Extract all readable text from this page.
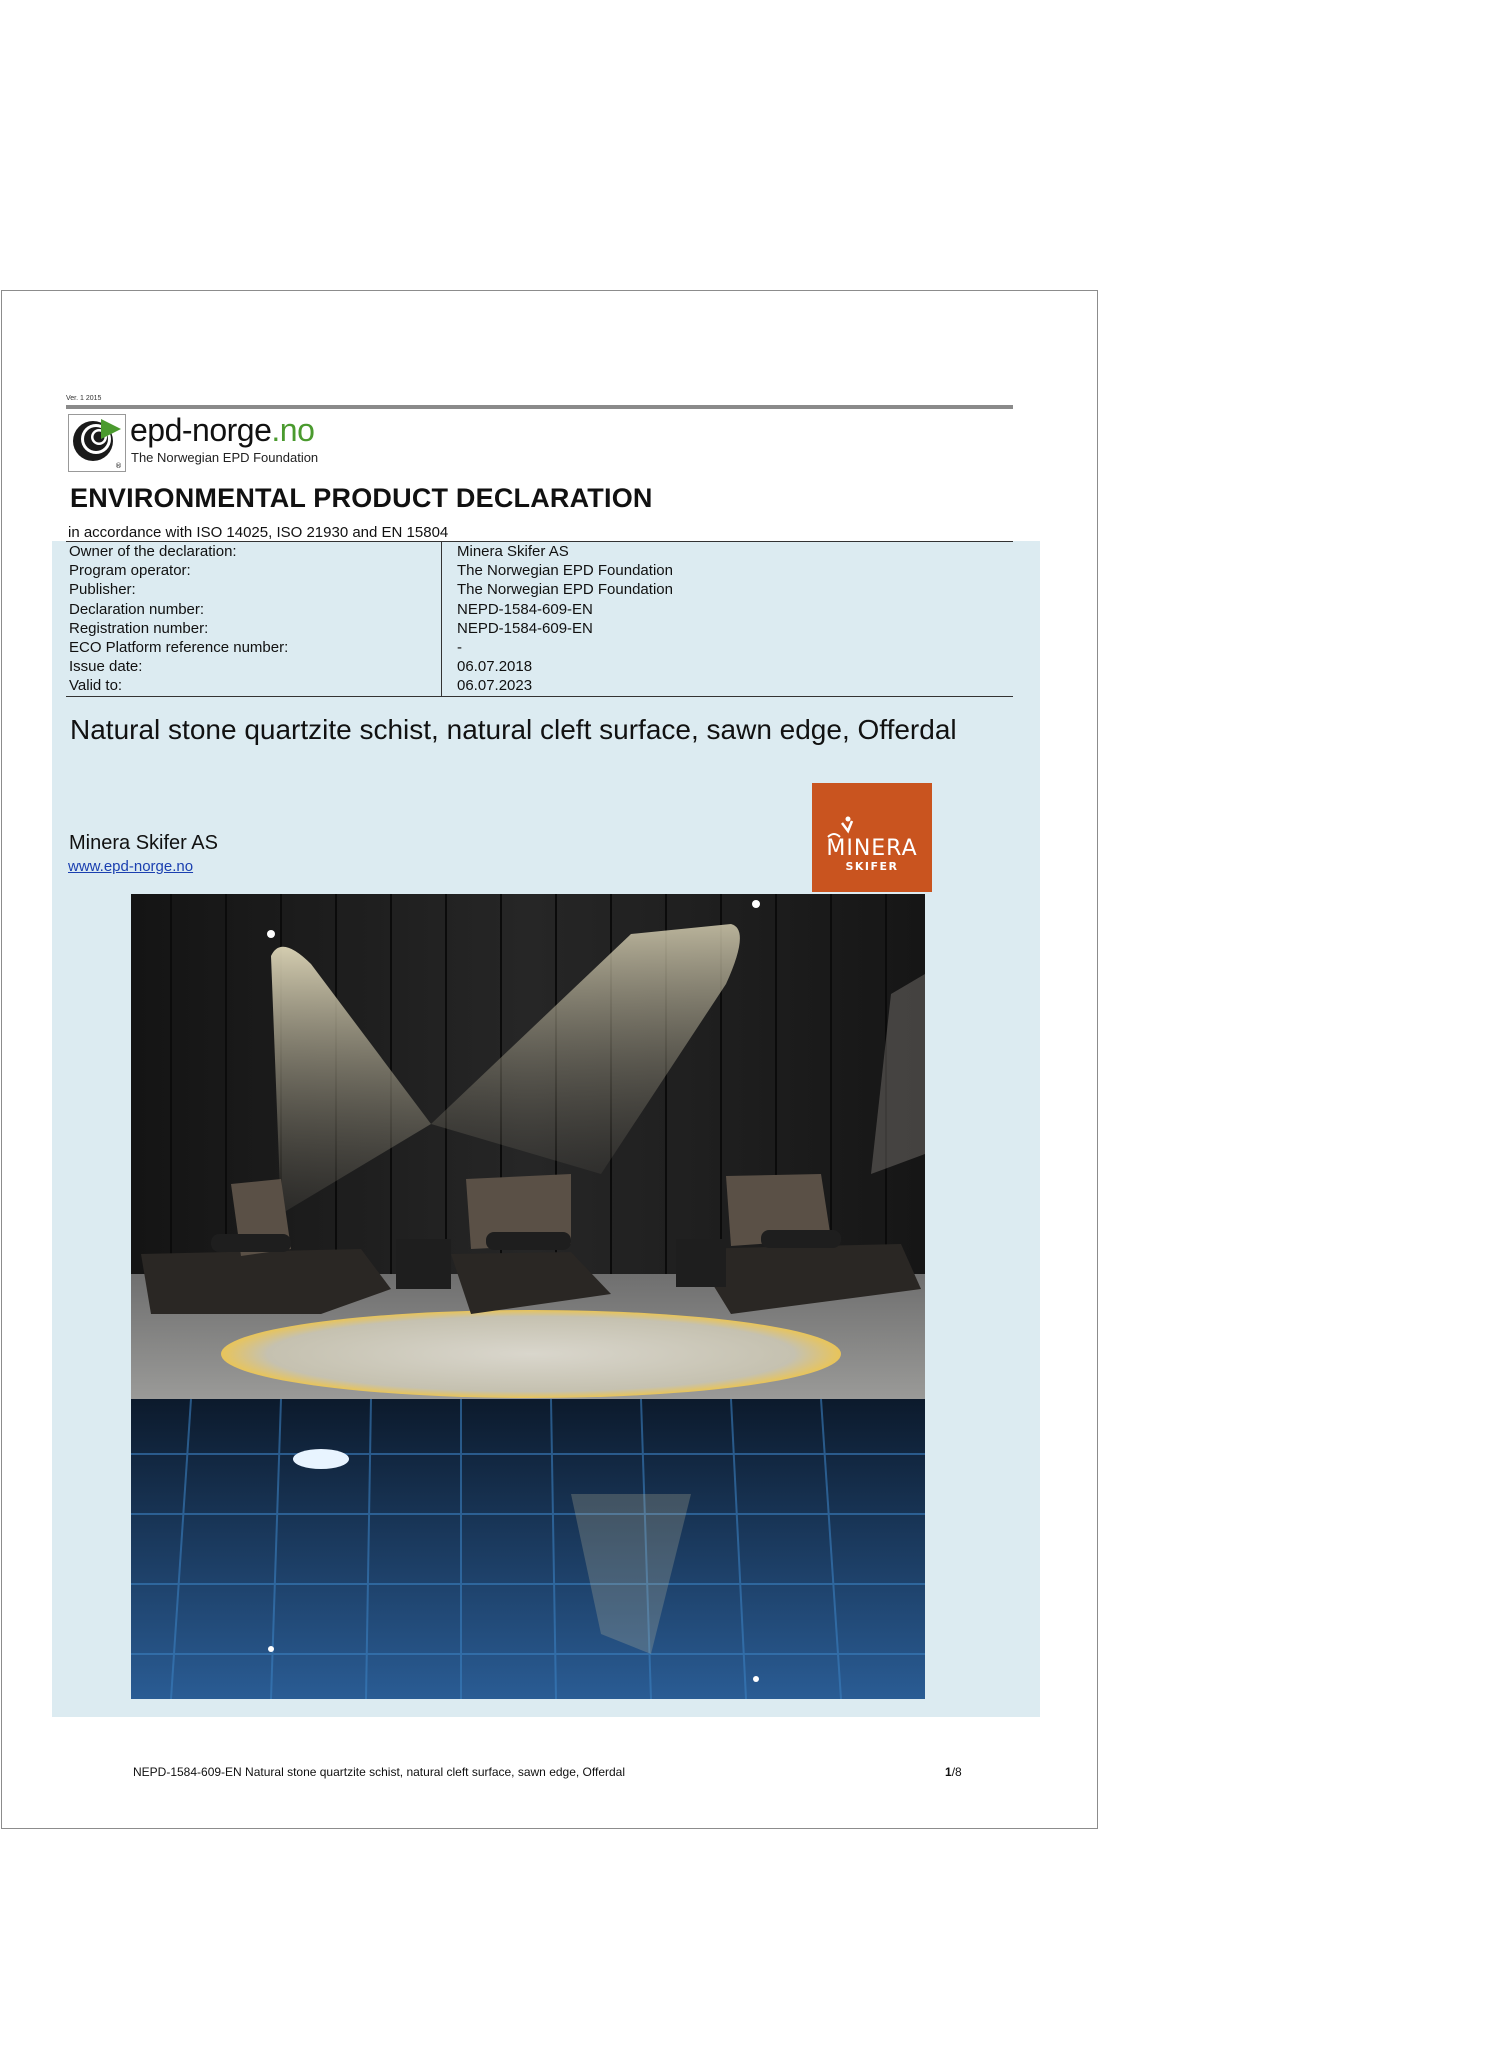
Ver. 1 2015
®
epd-norge.no
The Norwegian EPD Foundation
ENVIRONMENTAL PRODUCT DECLARATION
in accordance with ISO 14025, ISO 21930 and EN 15804
Owner of the declaration:	Minera Skifer AS
Program operator:	The Norwegian EPD Foundation
Publisher:	The Norwegian EPD Foundation
Declaration number:	NEPD-1584-609-EN
Registration number:	NEPD-1584-609-EN
ECO Platform reference number:	-
Issue date:	06.07.2018
Valid to:	06.07.2023
Natural stone quartzite schist, natural cleft surface, sawn edge, Offerdal
Minera Skifer AS
www.epd-norge.no
MINERA
SKIFER
NEPD-1584-609-EN Natural stone quartzite schist, natural cleft surface, sawn edge, Offerdal	1/8
